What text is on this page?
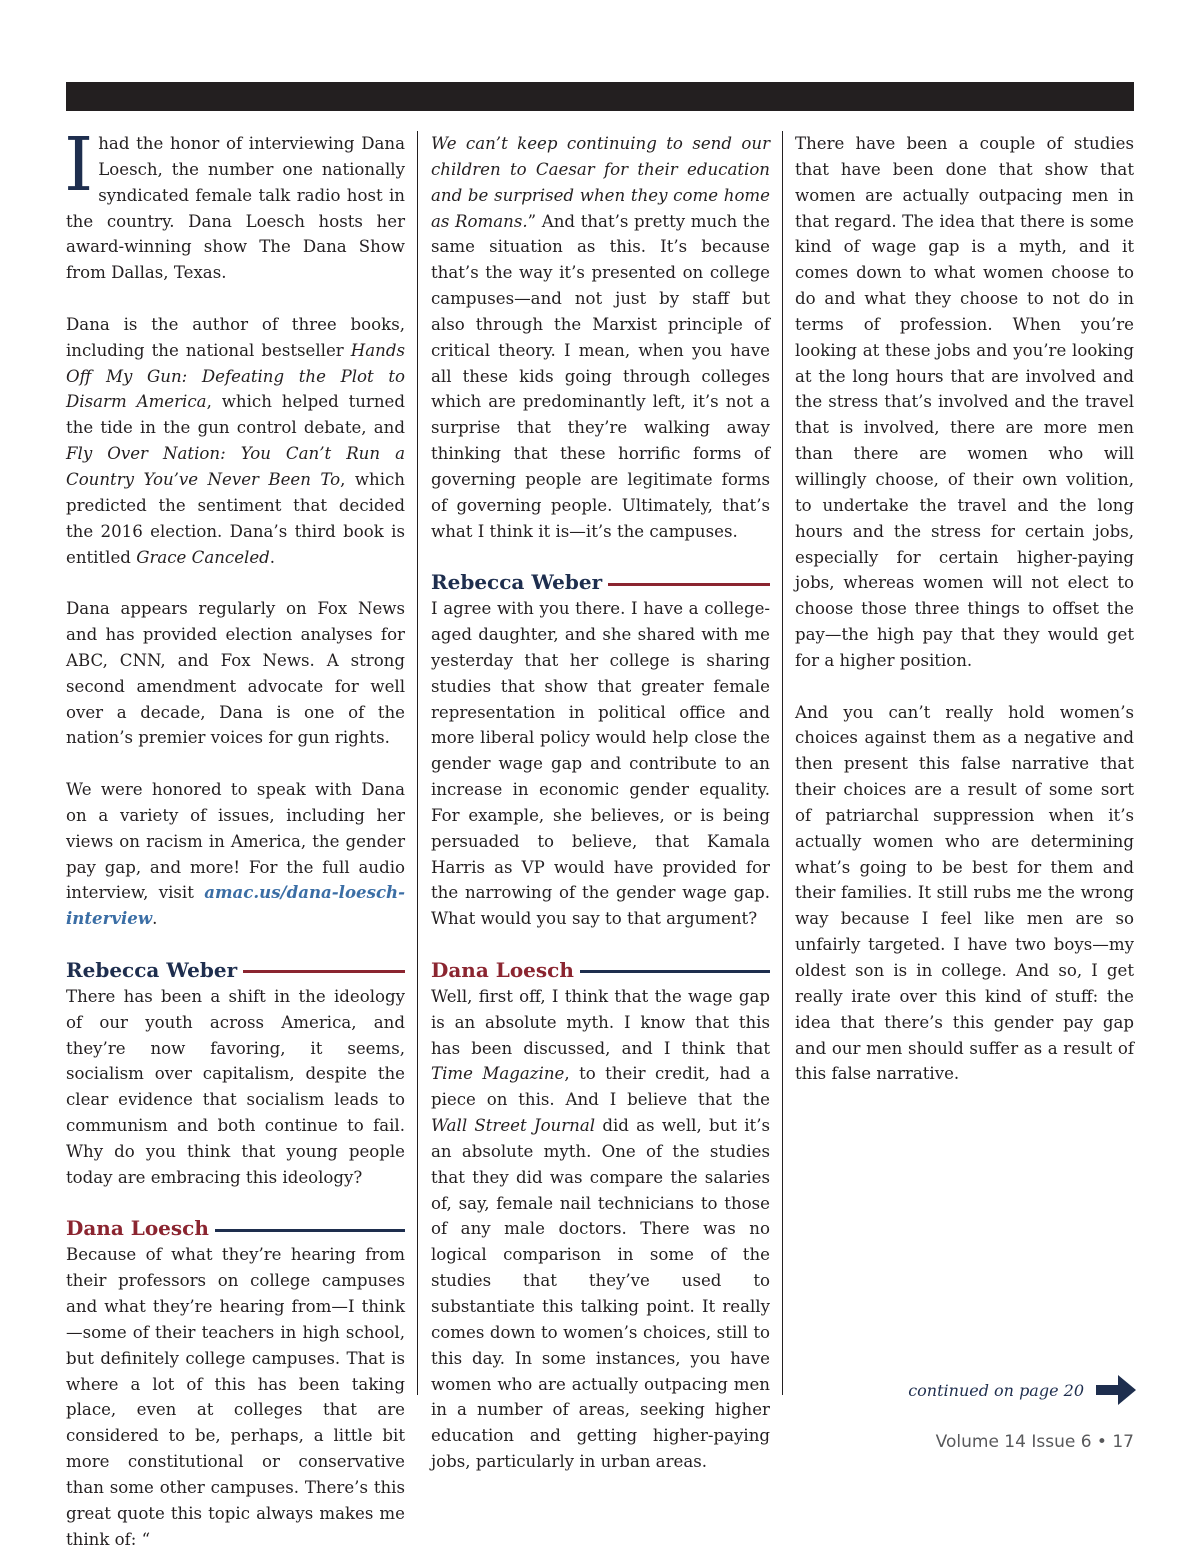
Ihad the honor of interviewing Dana Loesch, the number one nationally syndicated female talk radio host in the country. Dana Loesch hosts her award-winning show The Dana Show from Dallas, Texas.

Dana is the author of three books, including the national bestseller Hands Off My Gun: Defeating the Plot to Disarm America, which helped turned the tide in the gun control debate, and Fly Over Nation: You Can’t Run a Country You’ve Never Been To, which predicted the sentiment that decided the 2016 election. Dana’s third book is entitled Grace Canceled.

Dana appears regularly on Fox News and has provided election analyses for ABC, CNN, and Fox News. A strong second amendment advocate for well over a decade, Dana is one of the nation’s premier voices for gun rights.

We were honored to speak with Dana on a variety of issues, including her views on racism in America, the gender pay gap, and more! For the full audio interview, visit amac.us/dana-loesch-interview.

Rebecca Weber

There has been a shift in the ideology of our youth across America, and they’re now favoring, it seems, socialism over capitalism, despite the clear evidence that socialism leads to communism and both continue to fail. Why do you think that young people today are embracing this ideology?

Dana Loesch

Because of what they’re hearing from their professors on college campuses and what they’re hearing from—I think—some of their teachers in high school, but definitely college campuses. That is where a lot of this has been taking place, even at colleges that are considered to be, perhaps, a little bit more constitutional or conservative than some other campuses. There’s this great quote this topic always makes me think of: “

We can’t keep continuing to send our children to Caesar for their education and be surprised when they come home as Romans.” And that’s pretty much the same situation as this. It’s because that’s the way it’s presented on college campuses—and not just by staff but also through the Marxist principle of critical theory. I mean, when you have all these kids going through colleges which are predominantly left, it’s not a surprise that they’re walking away thinking that these horrific forms of governing people are legitimate forms of governing people. Ultimately, that’s what I think it is—it’s the campuses.

Rebecca Weber

I agree with you there. I have a college-aged daughter, and she shared with me yesterday that her college is sharing studies that show that greater female representation in political office and more liberal policy would help close the gender wage gap and contribute to an increase in economic gender equality. For example, she believes, or is being persuaded to believe, that Kamala Harris as VP would have provided for the narrowing of the gender wage gap. What would you say to that argument?

Dana Loesch

Well, first off, I think that the wage gap is an absolute myth. I know that this has been discussed, and I think that Time Magazine, to their credit, had a piece on this. And I believe that the Wall Street Journal did as well, but it’s an absolute myth. One of the studies that they did was compare the salaries of, say, female nail technicians to those of any male doctors. There was no logical comparison in some of the studies that they’ve used to substantiate this talking point. It really comes down to women’s choices, still to this day. In some instances, you have women who are actually outpacing men in a number of areas, seeking higher education and getting higher-paying jobs, particularly in urban areas.

There have been a couple of studies that have been done that show that women are actually outpacing men in that regard. The idea that there is some kind of wage gap is a myth, and it comes down to what women choose to do and what they choose to not do in terms of profession. When you’re looking at these jobs and you’re looking at the long hours that are involved and the stress that’s involved and the travel that is involved, there are more men than there are women who will willingly choose, of their own volition, to undertake the travel and the long hours and the stress for certain jobs, especially for certain higher-paying jobs, whereas women will not elect to choose those three things to offset the pay—the high pay that they would get for a higher position.

And you can’t really hold women’s choices against them as a negative and then present this false narrative that their choices are a result of some sort of patriarchal suppression when it’s actually women who are determining what’s going to be best for them and their families. It still rubs me the wrong way because I feel like men are so unfairly targeted. I have two boys—my oldest son is in college. And so, I get really irate over this kind of stuff: the idea that there’s this gender pay gap and our men should suffer as a result of this false narrative.

continued on page 20
Volume 14 Issue 6 • 17
